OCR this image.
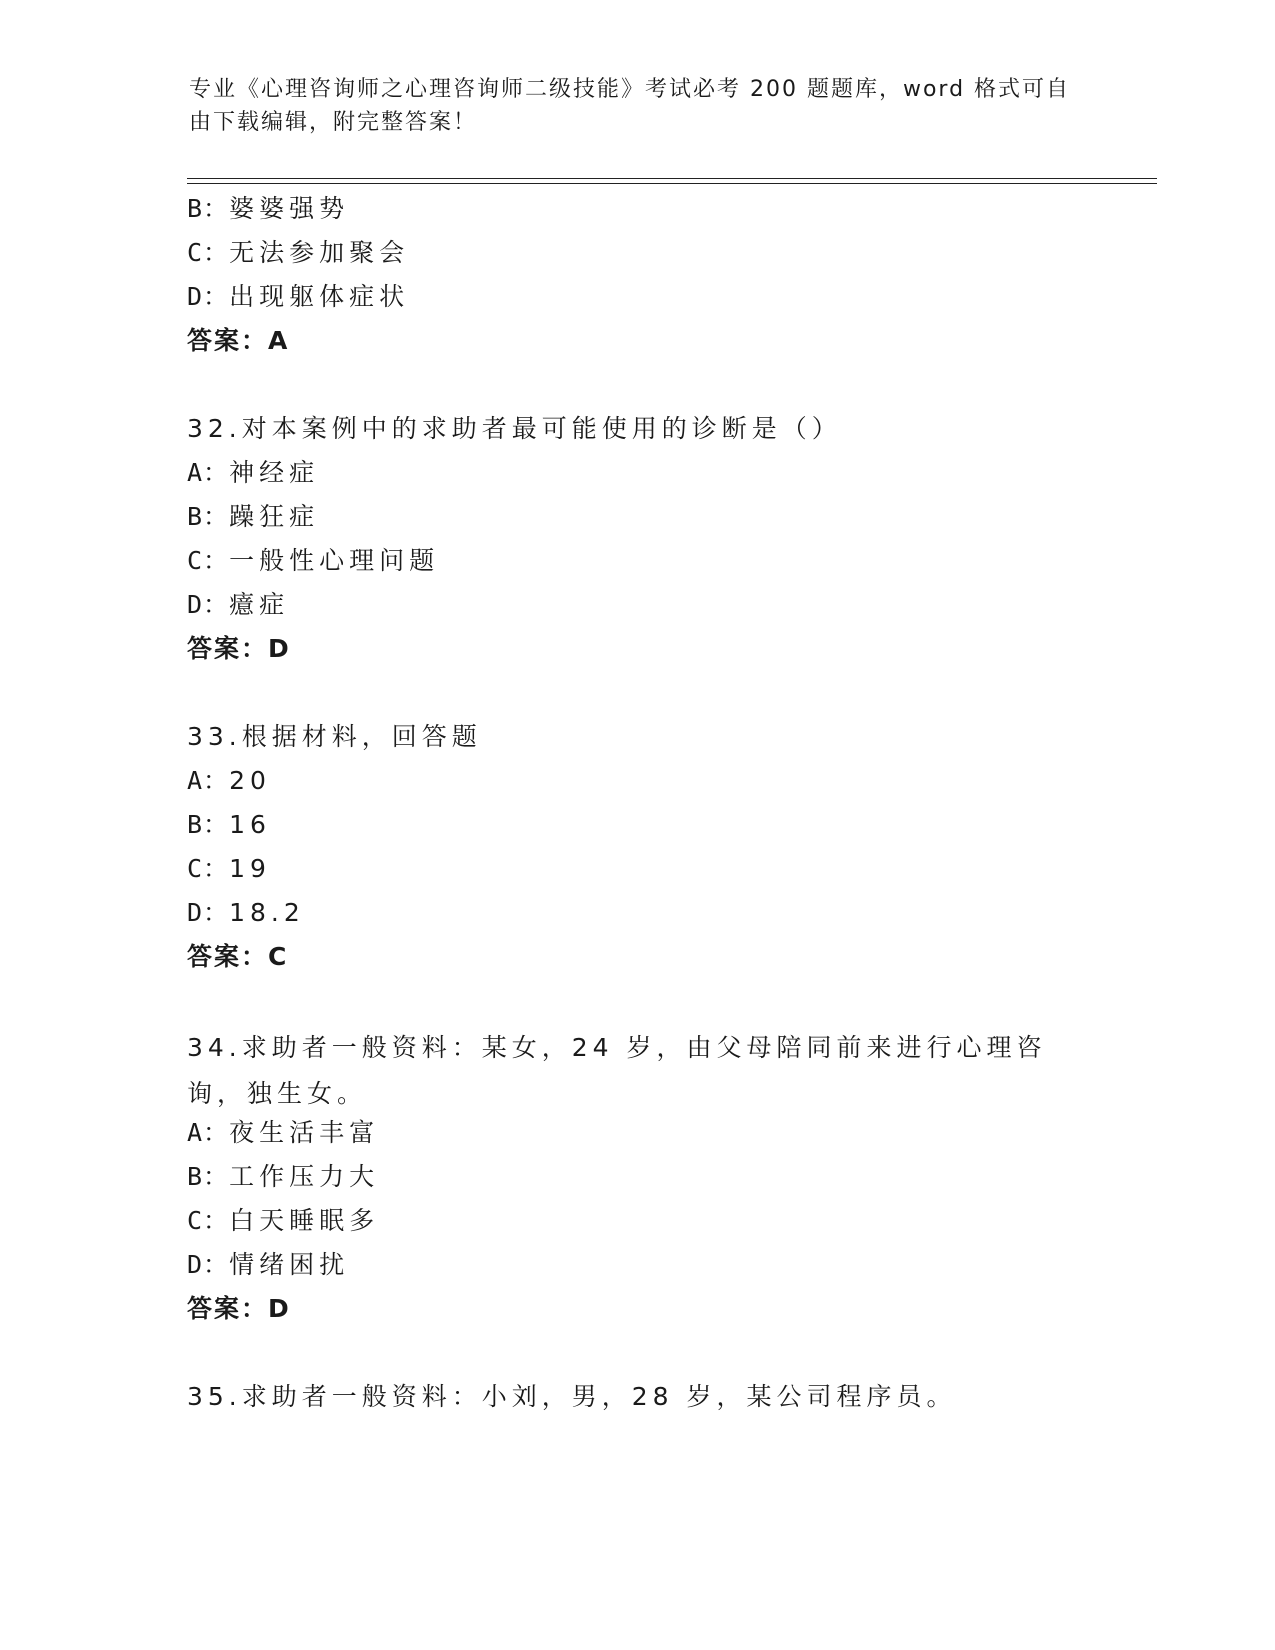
专业《心理咨询师之心理咨询师二级技能》考试必考 200 题题库，word 格式可自由下载编辑，附完整答案！
B：婆婆强势
C：无法参加聚会
D：出现躯体症状
答案：A
32.对本案例中的求助者最可能使用的诊断是（）
A：神经症
B：躁狂症
C：一般性心理问题
D：癔症
答案：D
33.根据材料，回答题
A：20
B：16
C：19
D：18.2
答案：C
34.求助者一般资料：某女，24 岁，由父母陪同前来进行心理咨询，独生女。
A：夜生活丰富
B：工作压力大
C：白天睡眠多
D：情绪困扰
答案：D
35.求助者一般资料：小刘，男，28 岁，某公司程序员。
